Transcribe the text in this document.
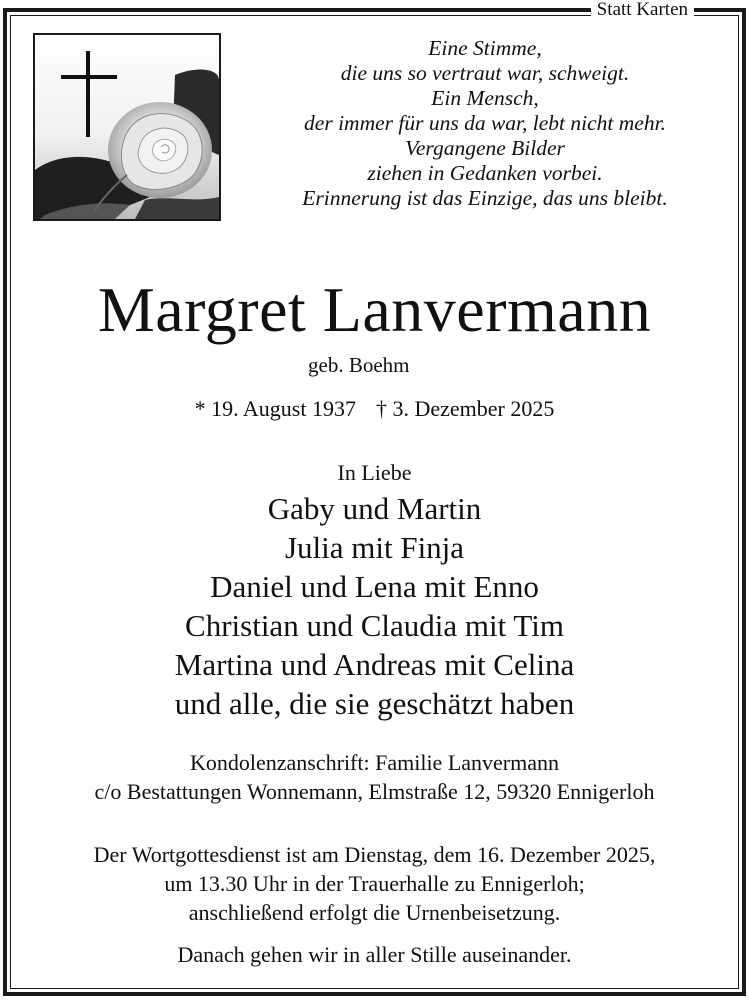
Statt Karten
Eine Stimme,
die uns so vertraut war, schweigt.
Ein Mensch,
der immer für uns da war, lebt nicht mehr.
Vergangene Bilder
ziehen in Gedanken vorbei.
Erinnerung ist das Einzige, das uns bleibt.
Margret Lanvermann
geb. Boehm
* 19. August 1937 † 3. Dezember 2025
In Liebe
Gaby und Martin
Julia mit Finja
Daniel und Lena mit Enno
Christian und Claudia mit Tim
Martina und Andreas mit Celina
und alle, die sie geschätzt haben
Kondolenzanschrift: Familie Lanvermann
c/o Bestattungen Wonnemann, Elmstraße 12, 59320 Ennigerloh
Der Wortgottesdienst ist am Dienstag, dem 16. Dezember 2025,
um 13.30 Uhr in der Trauerhalle zu Ennigerloh;
anschließend erfolgt die Urnenbeisetzung.
Danach gehen wir in aller Stille auseinander.
